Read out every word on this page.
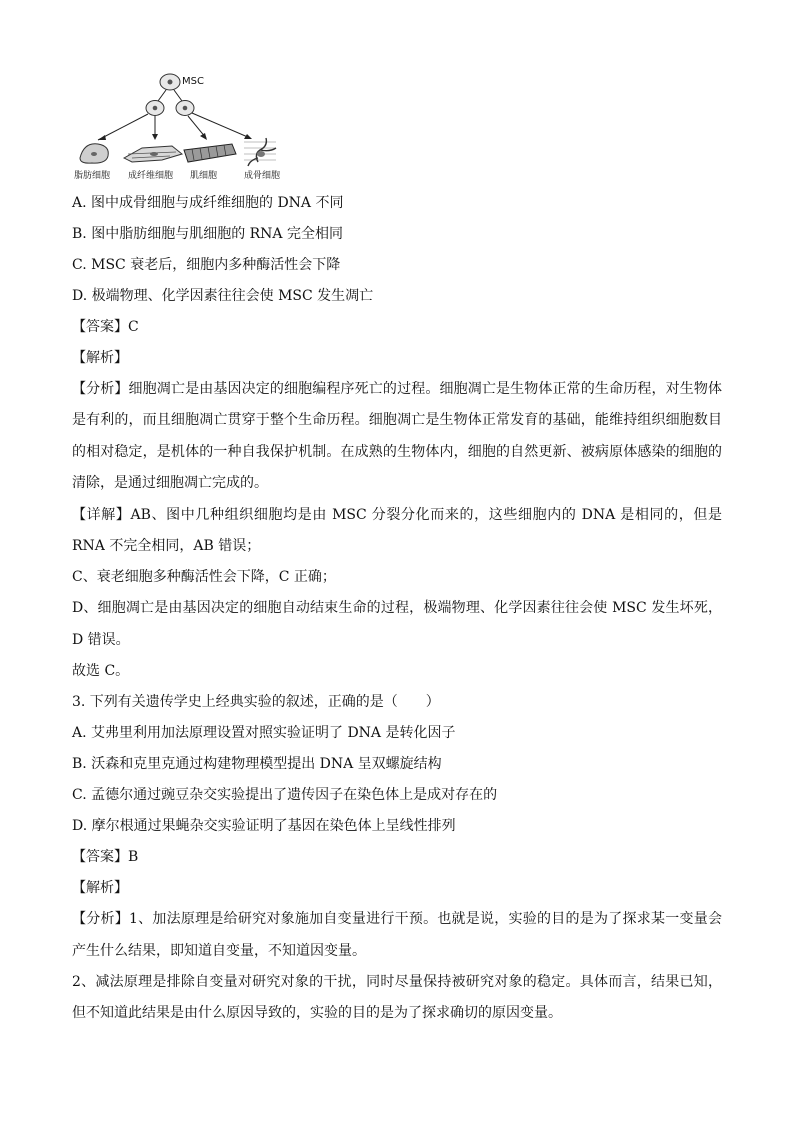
MSC
脂肪细胞 成纤维细胞 肌细胞	成骨细胞
A. 图中成骨细胞与成纤维细胞的 DNA 不同
B. 图中脂肪细胞与肌细胞的 RNA 完全相同
C. MSC 衰老后，细胞内多种酶活性会下降
D. 极端物理、化学因素往往会使 MSC 发生凋亡
【答案】C
【解析】
【分析】细胞凋亡是由基因决定的细胞编程序死亡的过程。细胞凋亡是生物体正常的生命历程，对生物体是有利的，而且细胞凋亡贯穿于整个生命历程。细胞凋亡是生物体正常发育的基础，能维持组织细胞数目的相对稳定，是机体的一种自我保护机制。在成熟的生物体内，细胞的自然更新、被病原体感染的细胞的清除，是通过细胞凋亡完成的。
【详解】AB、图中几种组织细胞均是由 MSC 分裂分化而来的，这些细胞内的 DNA 是相同的，但是 RNA 不完全相同，AB 错误；
C、衰老细胞多种酶活性会下降，C 正确；
D、细胞凋亡是由基因决定的细胞自动结束生命的过程，极端物理、化学因素往往会使 MSC 发生坏死，D 错误。
故选 C。
3. 下列有关遗传学史上经典实验的叙述，正确的是（　　）
A. 艾弗里利用加法原理设置对照实验证明了 DNA 是转化因子
B. 沃森和克里克通过构建物理模型提出 DNA 呈双螺旋结构
C. 孟德尔通过豌豆杂交实验提出了遗传因子在染色体上是成对存在的
D. 摩尔根通过果蝇杂交实验证明了基因在染色体上呈线性排列
【答案】B
【解析】
【分析】1、加法原理是给研究对象施加自变量进行干预。也就是说，实验的目的是为了探求某一变量会产生什么结果，即知道自变量，不知道因变量。
2、减法原理是排除自变量对研究对象的干扰，同时尽量保持被研究对象的稳定。具体而言，结果已知，但不知道此结果是由什么原因导致的，实验的目的是为了探求确切的原因变量。
